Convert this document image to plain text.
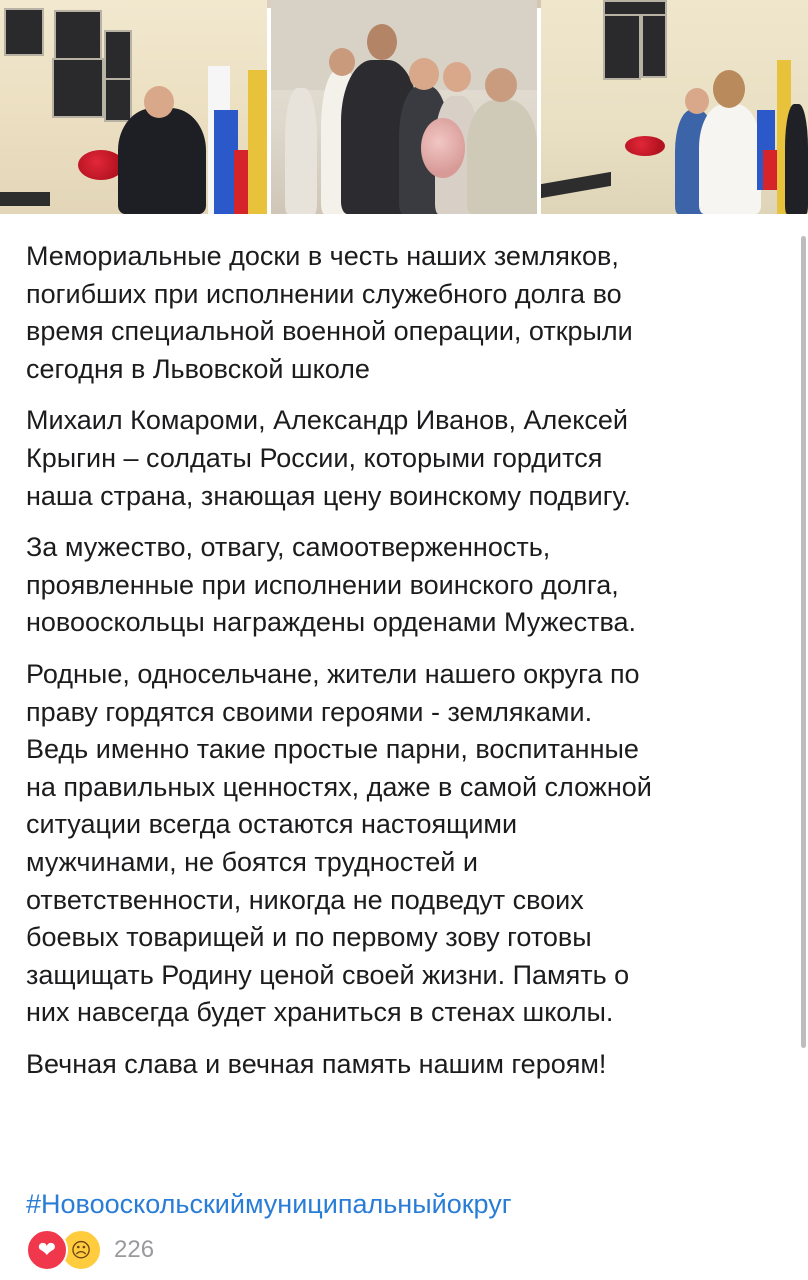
Мемориальные доски в честь наших земляков,
погибших при исполнении служебного долга во
время специальной военной операции, открыли
сегодня в Львовской школе

Михаил Комароми, Александр Иванов, Алексей
Крыгин – солдаты России, которыми гордится
наша страна, знающая цену воинскому подвигу.

За мужество, отвагу, самоотверженность,
проявленные при исполнении воинского долга,
новооскольцы награждены орденами Мужества.

Родные, односельчане, жители нашего округа по
праву гордятся своими героями - земляками.
Ведь именно такие простые парни, воспитанные
на правильных ценностях, даже в самой сложной
ситуации всегда остаются настоящими
мужчинами, не боятся трудностей и
ответственности, никогда не подведут своих
боевых товарищей и по первому зову готовы
защищать Родину ценой своей жизни. Память о
них навсегда будет храниться в стенах школы.

Вечная слава и вечная память нашим героям!

#Новооскольскиймуниципальныйокруг
❤ ☹ 226
